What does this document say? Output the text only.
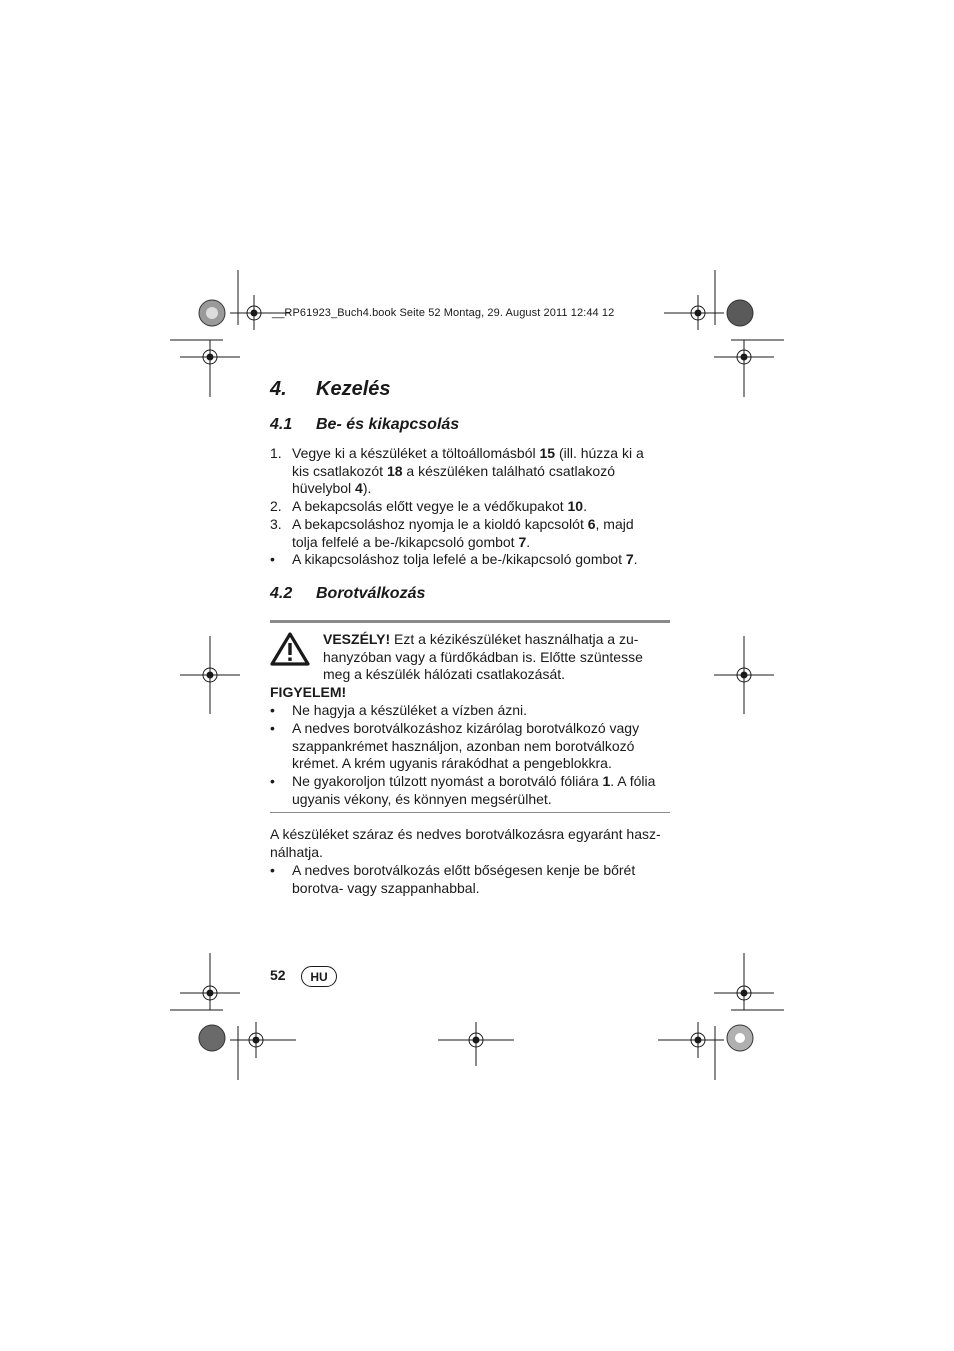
__RP61923_Buch4.book Seite 52 Montag, 29. August 2011 12:44 12
4. Kezelés
4.1 Be- és kikapcsolás
1. Vegye ki a készüléket a töltoállomásból 15 (ill. húzza ki a
kis csatlakozót 18 a készüléken található csatlakozó
hüvelybol 4).
2. A bekapcsolás előtt vegye le a védőkupakot 10.
3. A bekapcsoláshoz nyomja le a kioldó kapcsolót 6, majd
tolja felfelé a be-/kikapcsoló gombot 7.
• A kikapcsoláshoz tolja lefelé a be-/kikapcsoló gombot 7.
4.2 Borotválkozás
VESZÉLY! Ezt a kézikészüléket használhatja a zu-
hanyzóban vagy a fürdőkádban is. Előtte szüntesse
meg a készülék hálózati csatlakozását.
FIGYELEM!
• Ne hagyja a készüléket a vízben ázni.
• A nedves borotválkozáshoz kizárólag borotválkozó vagy
szappankrémet használjon, azonban nem borotválkozó
krémet. A krém ugyanis rárakódhat a pengeblokkra.
• Ne gyakoroljon túlzott nyomást a borotváló fóliára 1. A fólia
ugyanis vékony, és könnyen megsérülhet.
A készüléket száraz és nedves borotválkozásra egyaránt hasz-
nálhatja.
• A nedves borotválkozás előtt bőségesen kenje be bőrét
borotva- vagy szappanhabbal.
52	HU
